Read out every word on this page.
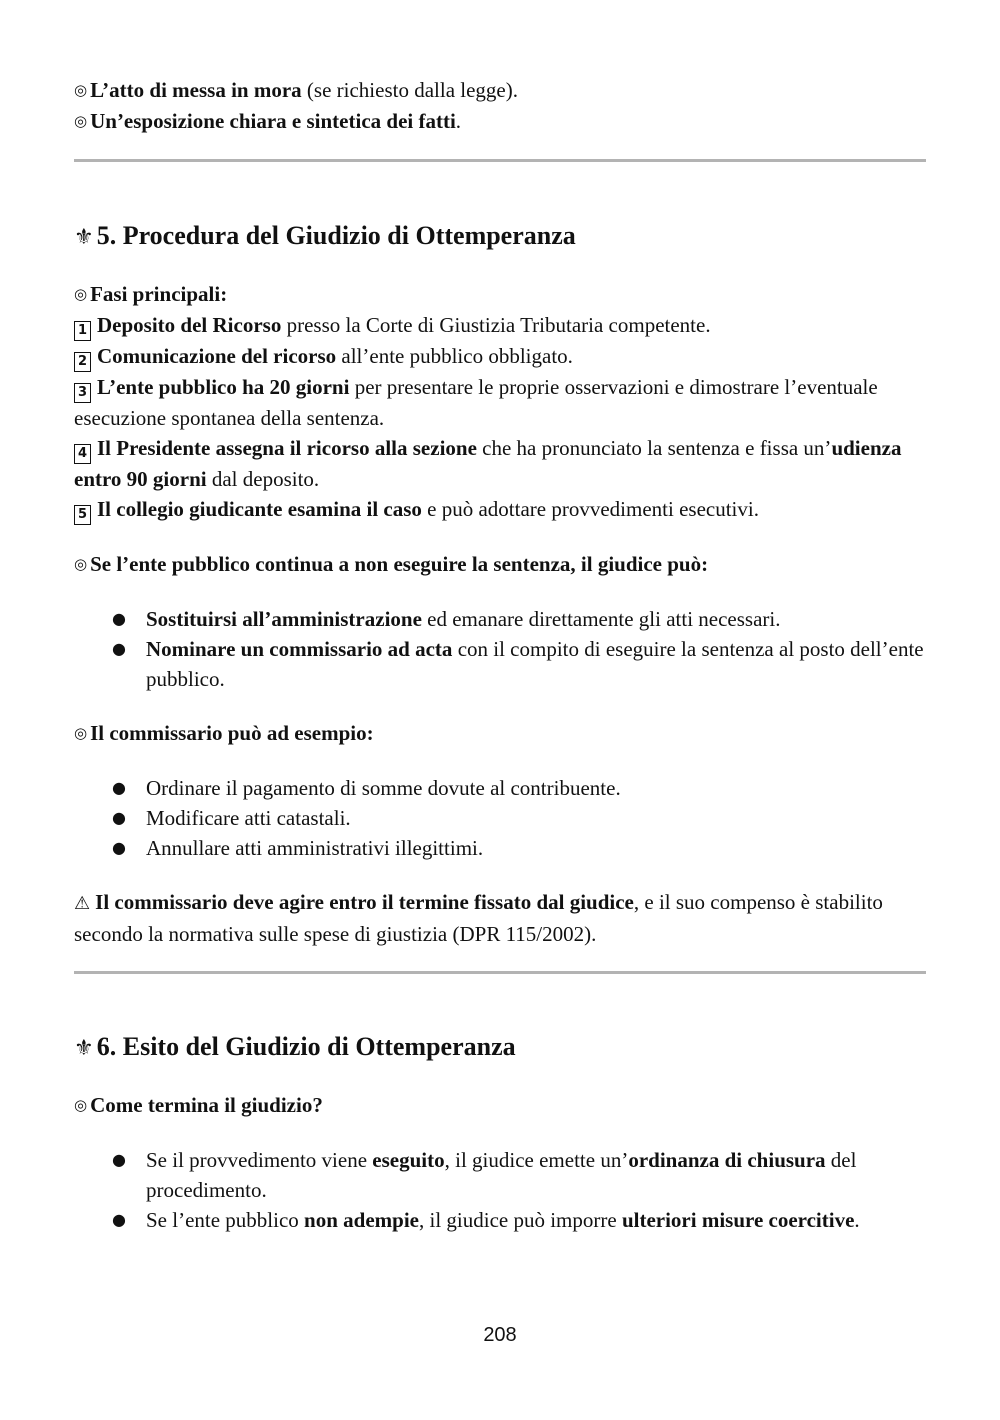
◎ L’atto di messa in mora (se richiesto dalla legge).

◎ Un’esposizione chiara e sintetica dei fatti.

⚜ 5. Procedura del Giudizio di Ottemperanza

◎ Fasi principali:

1 Deposito del Ricorso presso la Corte di Giustizia Tributaria competente.

2 Comunicazione del ricorso all’ente pubblico obbligato.

3 L’ente pubblico ha 20 giorni per presentare le proprie osservazioni e dimostrare l’eventuale esecuzione spontanea della sentenza.

4 Il Presidente assegna il ricorso alla sezione che ha pronunciato la sentenza e fissa un’udienza entro 90 giorni dal deposito.

5 Il collegio giudicante esamina il caso e può adottare provvedimenti esecutivi.

◎ Se l’ente pubblico continua a non eseguire la sentenza, il giudice può:

● Sostituirsi all’amministrazione ed emanare direttamente gli atti necessari.
● Nominare un commissario ad acta con il compito di eseguire la sentenza al posto dell’ente pubblico.

◎ Il commissario può ad esempio:

● Ordinare il pagamento di somme dovute al contribuente.
● Modificare atti catastali.
● Annullare atti amministrativi illegittimi.

⚠ Il commissario deve agire entro il termine fissato dal giudice, e il suo compenso è stabilito secondo la normativa sulle spese di giustizia (DPR 115/2002).

⚜ 6. Esito del Giudizio di Ottemperanza

◎ Come termina il giudizio?

● Se il provvedimento viene eseguito, il giudice emette un’ordinanza di chiusura del procedimento.
● Se l’ente pubblico non adempie, il giudice può imporre ulteriori misure coercitive.
208
